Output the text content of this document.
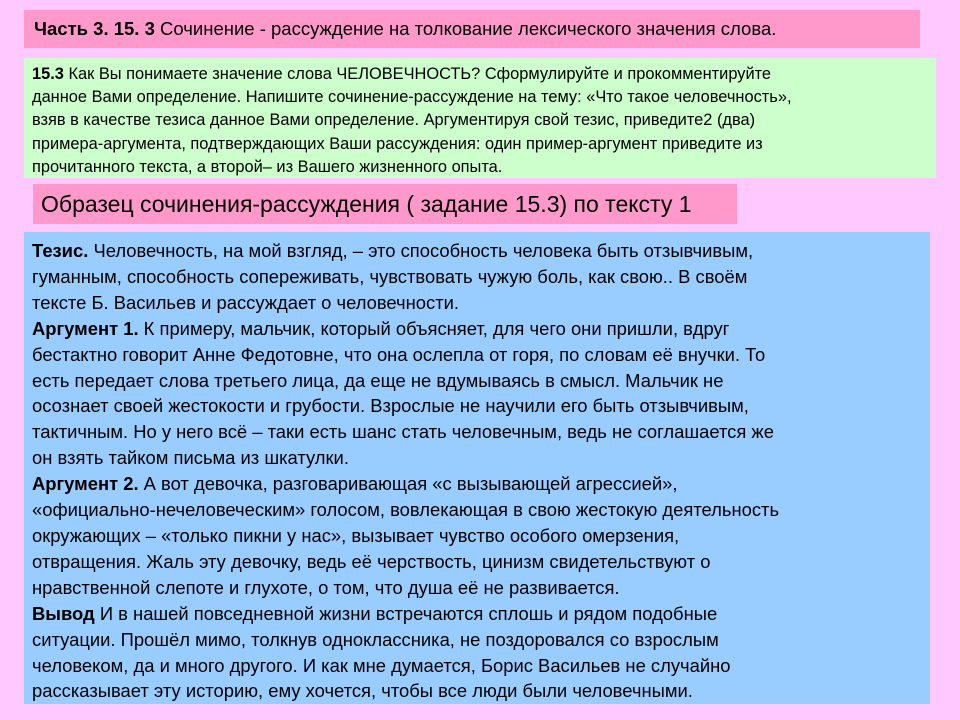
Часть 3. 15. 3 Сочинение - рассуждение на толкование лексического значения слова.
15.3 Как Вы понимаете значение слова ЧЕЛОВЕЧНОСТЬ? Сформулируйте и прокомментируйте
данное Вами определение. Напишите сочинение-рассуждение на тему: «Что такое человечность»,
взяв в качестве тезиса данное Вами определение. Аргументируя свой тезис, приведите2 (два)
примера-аргумента, подтверждающих Ваши рассуждения: один пример-аргумент приведите из
прочитанного текста, а второй– из Вашего жизненного опыта.
Образец сочинения-рассуждения ( задание 15.3) по тексту 1
Тезис. Человечность, на мой взгляд, – это способность человека быть отзывчивым,
гуманным, способность сопереживать, чувствовать чужую боль, как свою.. В своём
тексте Б. Васильев и рассуждает о человечности.
Аргумент 1. К примеру, мальчик, который объясняет, для чего они пришли, вдруг
бестактно говорит Анне Федотовне, что она ослепла от горя, по словам её внучки. То
есть передает слова третьего лица, да еще не вдумываясь в смысл. Мальчик не
осознает своей жестокости и грубости. Взрослые не научили его быть отзывчивым,
тактичным. Но у него всё – таки есть шанс стать человечным, ведь не соглашается же
он взять тайком письма из шкатулки.
Аргумент 2. А вот девочка, разговаривающая «с вызывающей агрессией»,
«официально-нечеловеческим» голосом, вовлекающая в свою жестокую деятельность
окружающих – «только пикни у нас», вызывает чувство особого омерзения,
отвращения. Жаль эту девочку, ведь её черствость, цинизм свидетельствуют о
нравственной слепоте и глухоте, о том, что душа её не развивается.
Вывод И в нашей повседневной жизни встречаются сплошь и рядом подобные
ситуации. Прошёл мимо, толкнув одноклассника, не поздоровался со взрослым
человеком, да и много другого. И как мне думается, Борис Васильев не случайно
рассказывает эту историю, ему хочется, чтобы все люди были человечными.
